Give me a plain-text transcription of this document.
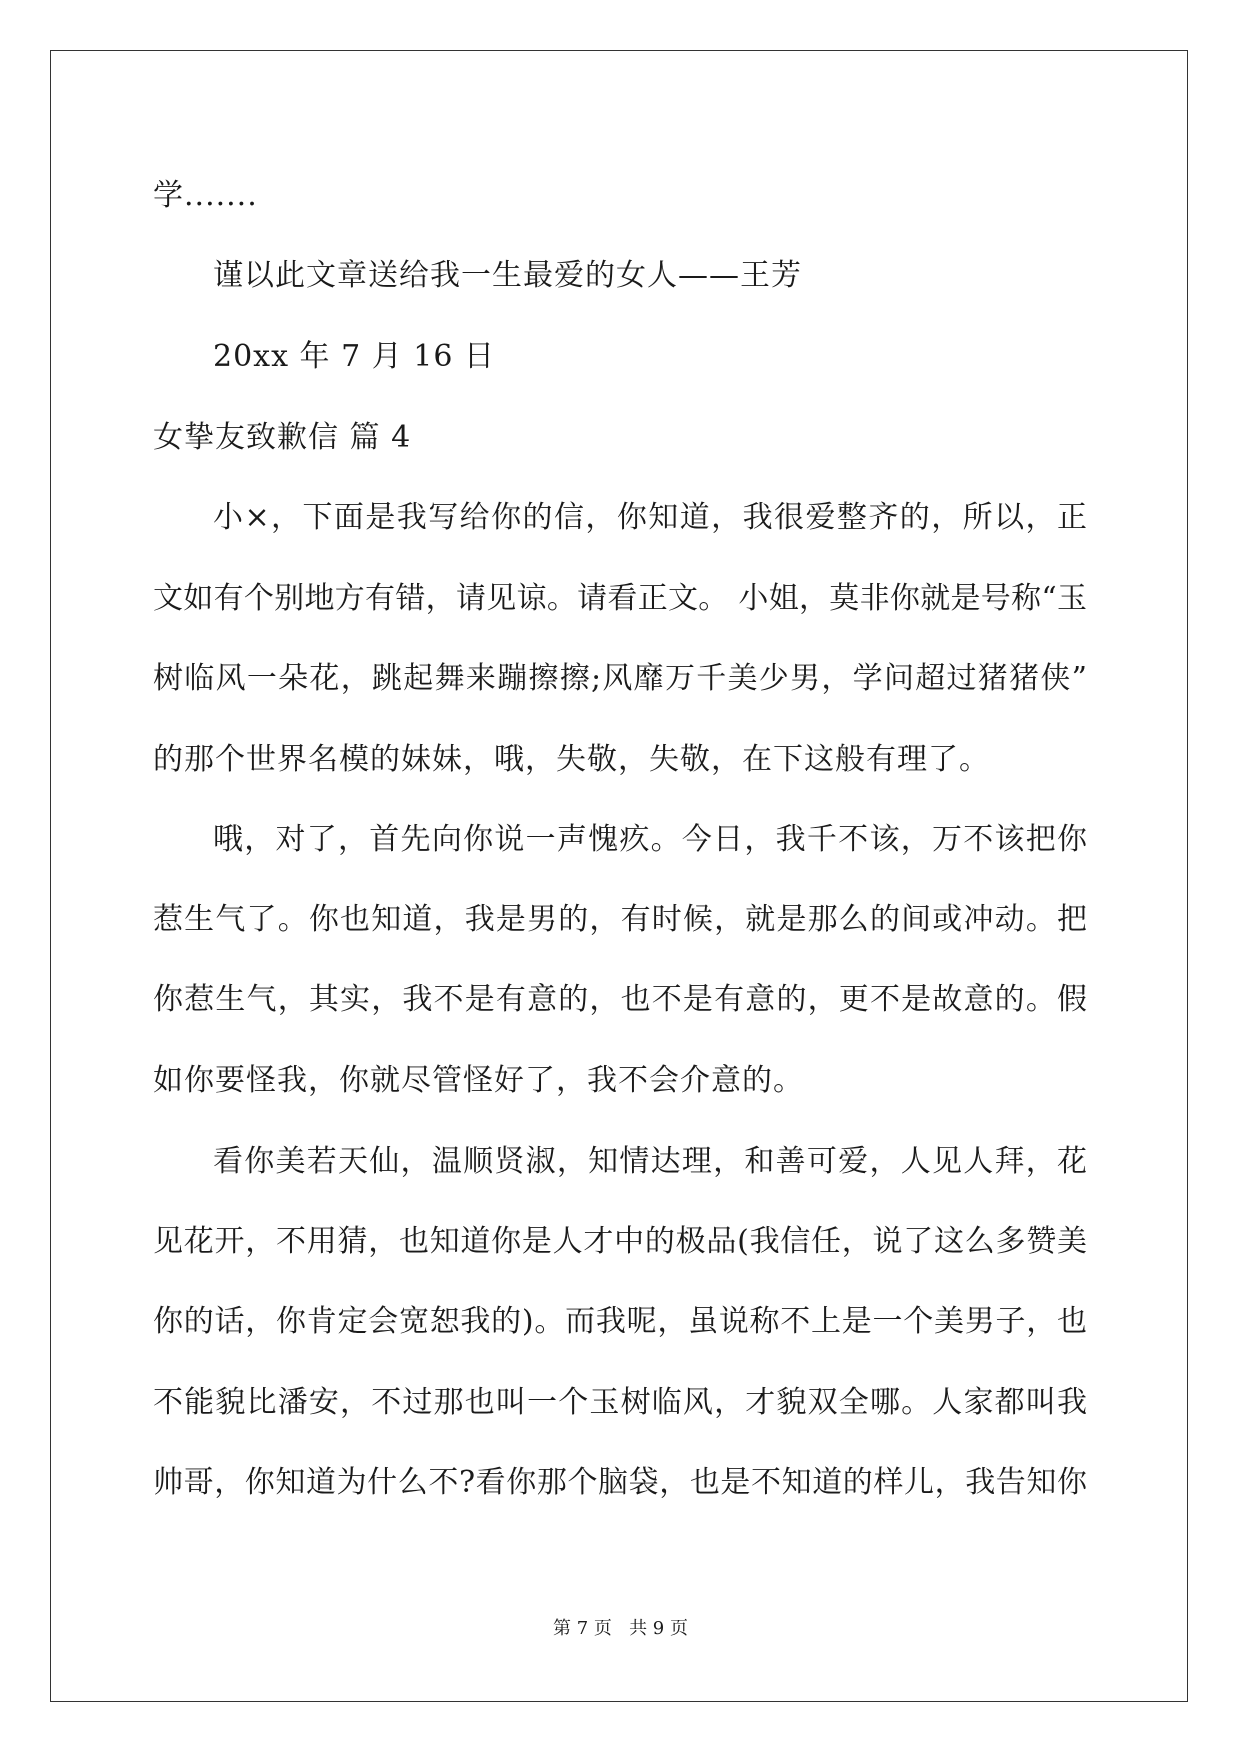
学.......
谨以此文章送给我一生最爱的女人——王芳
20xx 年 7 月 16 日
女挚友致歉信 篇 4
小×，下面是我写给你的信，你知道，我很爱整齐的，所以，正
文如有个别地方有错，请见谅。请看正文。 小姐，莫非你就是号称“玉
树临风一朵花，跳起舞来蹦擦擦;风靡万千美少男，学问超过猪猪侠”
的那个世界名模的妹妹，哦，失敬，失敬，在下这般有理了。
哦，对了，首先向你说一声愧疚。今日，我千不该，万不该把你
惹生气了。你也知道，我是男的，有时候，就是那么的间或冲动。把
你惹生气，其实，我不是有意的，也不是有意的，更不是故意的。假
如你要怪我，你就尽管怪好了，我不会介意的。
看你美若天仙，温顺贤淑，知情达理，和善可爱，人见人拜，花
见花开，不用猜，也知道你是人才中的极品(我信任，说了这么多赞美
你的话，你肯定会宽恕我的)。而我呢，虽说称不上是一个美男子，也
不能貌比潘安，不过那也叫一个玉树临风，才貌双全哪。人家都叫我
帅哥，你知道为什么不?看你那个脑袋，也是不知道的样儿，我告知你
第 7 页   共 9 页
